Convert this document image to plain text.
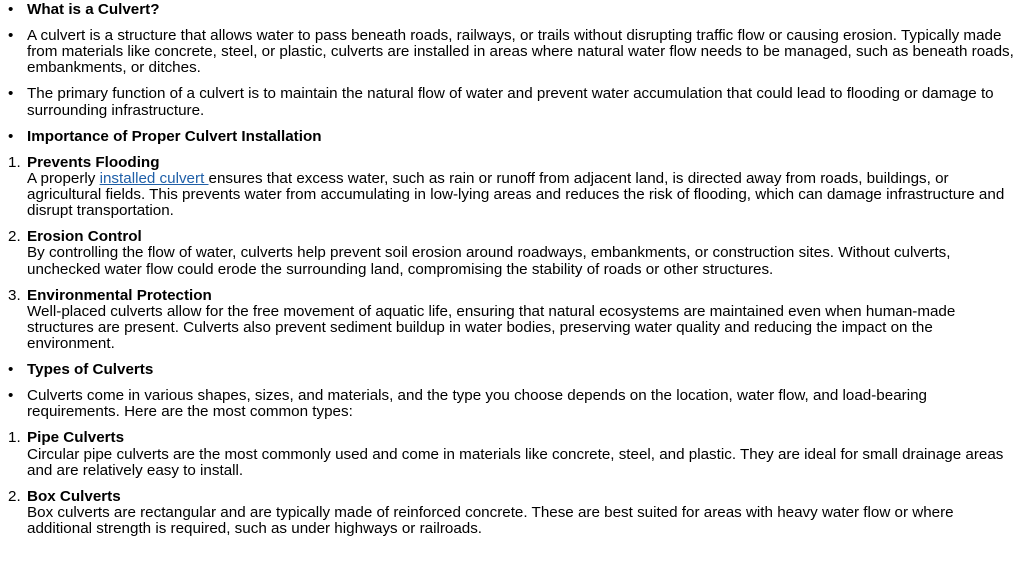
• What is a Culvert?
• A culvert is a structure that allows water to pass beneath roads, railways, or trails without disrupting traffic flow or causing erosion. Typically made from materials like concrete, steel, or plastic, culverts are installed in areas where natural water flow needs to be managed, such as beneath roads, embankments, or ditches.
• The primary function of a culvert is to maintain the natural flow of water and prevent water accumulation that could lead to flooding or damage to surrounding infrastructure.
• Importance of Proper Culvert Installation
1. Prevents Flooding
A properly installed culvert ensures that excess water, such as rain or runoff from adjacent land, is directed away from roads, buildings, or agricultural fields. This prevents water from accumulating in low-lying areas and reduces the risk of flooding, which can damage infrastructure and disrupt transportation.
2. Erosion Control
By controlling the flow of water, culverts help prevent soil erosion around roadways, embankments, or construction sites. Without culverts, unchecked water flow could erode the surrounding land, compromising the stability of roads or other structures.
3. Environmental Protection
Well-placed culverts allow for the free movement of aquatic life, ensuring that natural ecosystems are maintained even when human-made structures are present. Culverts also prevent sediment buildup in water bodies, preserving water quality and reducing the impact on the environment.
• Types of Culverts
• Culverts come in various shapes, sizes, and materials, and the type you choose depends on the location, water flow, and load-bearing requirements. Here are the most common types:
1. Pipe Culverts
Circular pipe culverts are the most commonly used and come in materials like concrete, steel, and plastic. They are ideal for small drainage areas and are relatively easy to install.
2. Box Culverts
Box culverts are rectangular and are typically made of reinforced concrete. These are best suited for areas with heavy water flow or where additional strength is required, such as under highways or railroads.
